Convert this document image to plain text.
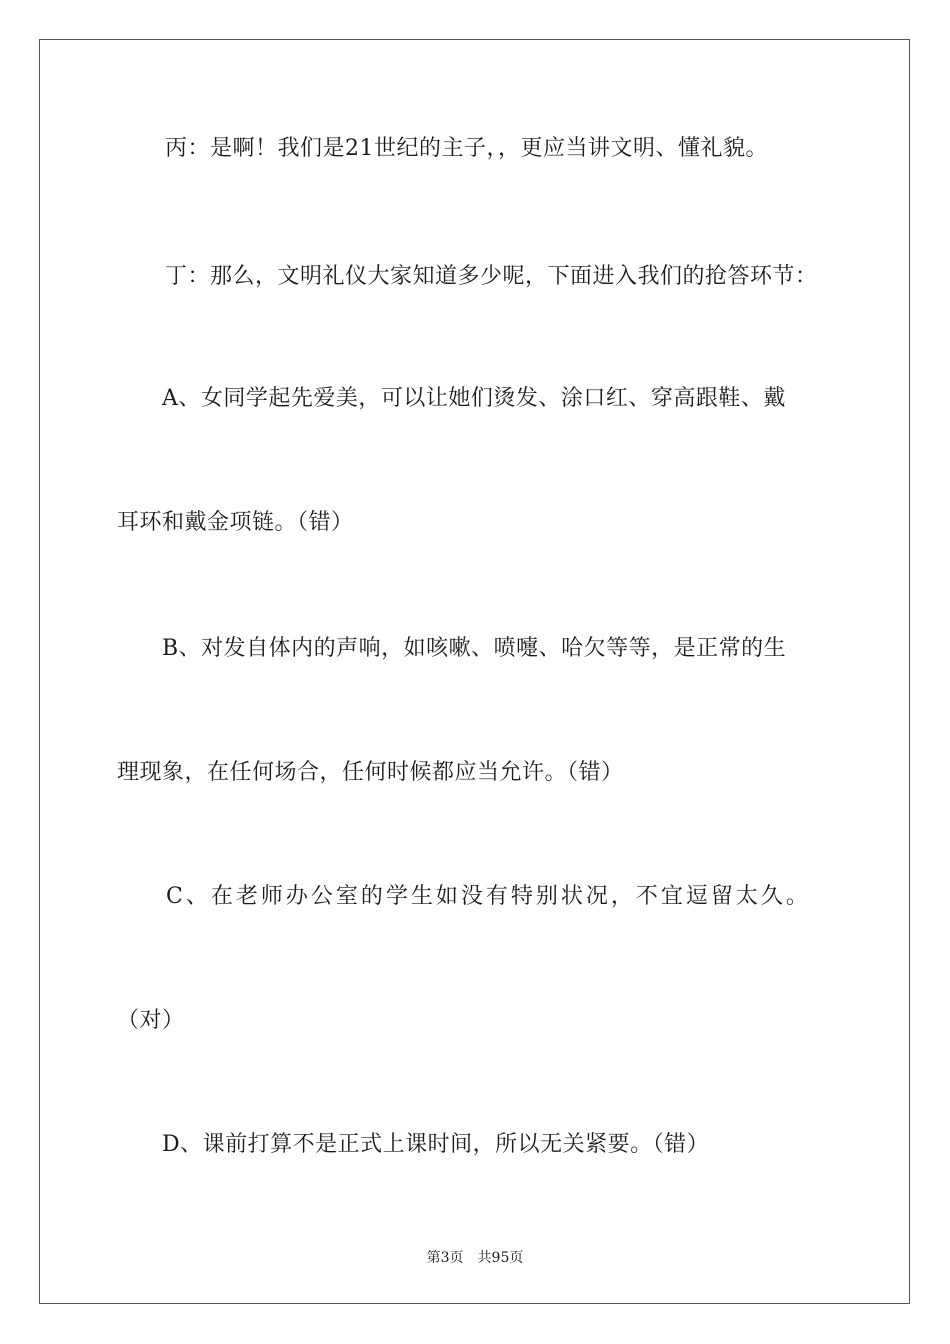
丙：是啊！我们是21世纪的主子，，更应当讲文明、懂礼貌。
丁：那么，文明礼仪大家知道多少呢，下面进入我们的抢答环节：
A、女同学起先爱美，可以让她们烫发、涂口红、穿高跟鞋、戴
耳环和戴金项链。（错）
B、对发自体内的声响，如咳嗽、喷嚏、哈欠等等，是正常的生
理现象，在任何场合，任何时候都应当允许。（错）
C、在老师办公室的学生如没有特别状况，不宜逗留太久。
（对）
D、课前打算不是正式上课时间，所以无关紧要。（错）
第3页 共95页
